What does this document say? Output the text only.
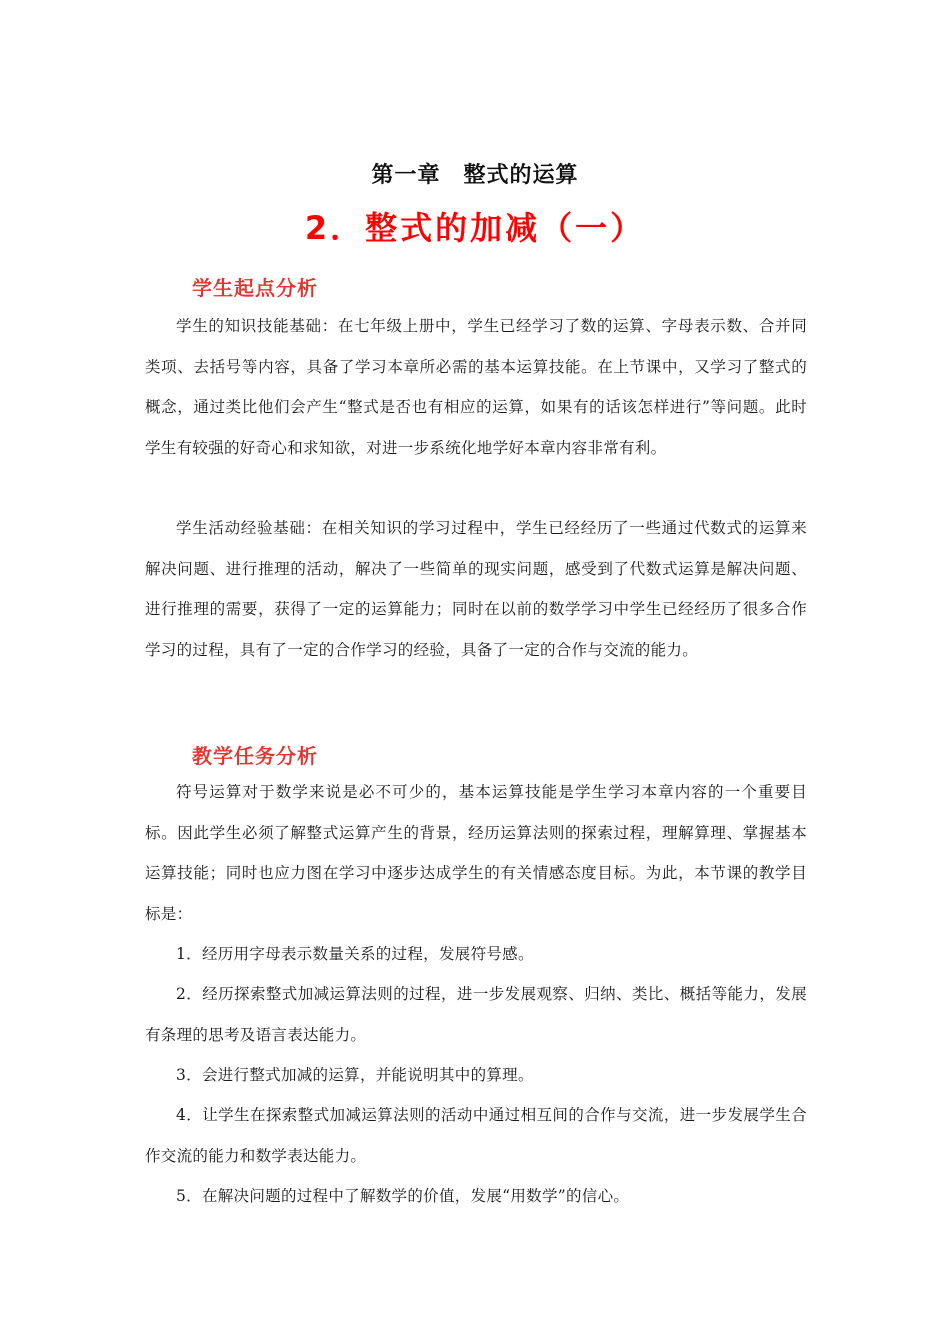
第一章　整式的运算
2．整式的加减（一）
学生起点分析

学生的知识技能基础：在七年级上册中，学生已经学习了数的运算、字母表示数、合并同类项、去括号等内容，具备了学习本章所必需的基本运算技能。在上节课中，又学习了整式的概念，通过类比他们会产生“整式是否也有相应的运算，如果有的话该怎样进行”等问题。此时学生有较强的好奇心和求知欲，对进一步系统化地学好本章内容非常有利。

学生活动经验基础：在相关知识的学习过程中，学生已经经历了一些通过代数式的运算来解决问题、进行推理的活动，解决了一些简单的现实问题，感受到了代数式运算是解决问题、进行推理的需要，获得了一定的运算能力；同时在以前的数学学习中学生已经经历了很多合作学习的过程，具有了一定的合作学习的经验，具备了一定的合作与交流的能力。

教学任务分析

符号运算对于数学来说是必不可少的，基本运算技能是学生学习本章内容的一个重要目标。因此学生必须了解整式运算产生的背景，经历运算法则的探索过程，理解算理、掌握基本运算技能；同时也应力图在学习中逐步达成学生的有关情感态度目标。为此，本节课的教学目标是：

1．经历用字母表示数量关系的过程，发展符号感。

2．经历探索整式加减运算法则的过程，进一步发展观察、归纳、类比、概括等能力，发展有条理的思考及语言表达能力。

3．会进行整式加减的运算，并能说明其中的算理。

4．让学生在探索整式加减运算法则的活动中通过相互间的合作与交流，进一步发展学生合作交流的能力和数学表达能力。

5．在解决问题的过程中了解数学的价值，发展“用数学”的信心。
